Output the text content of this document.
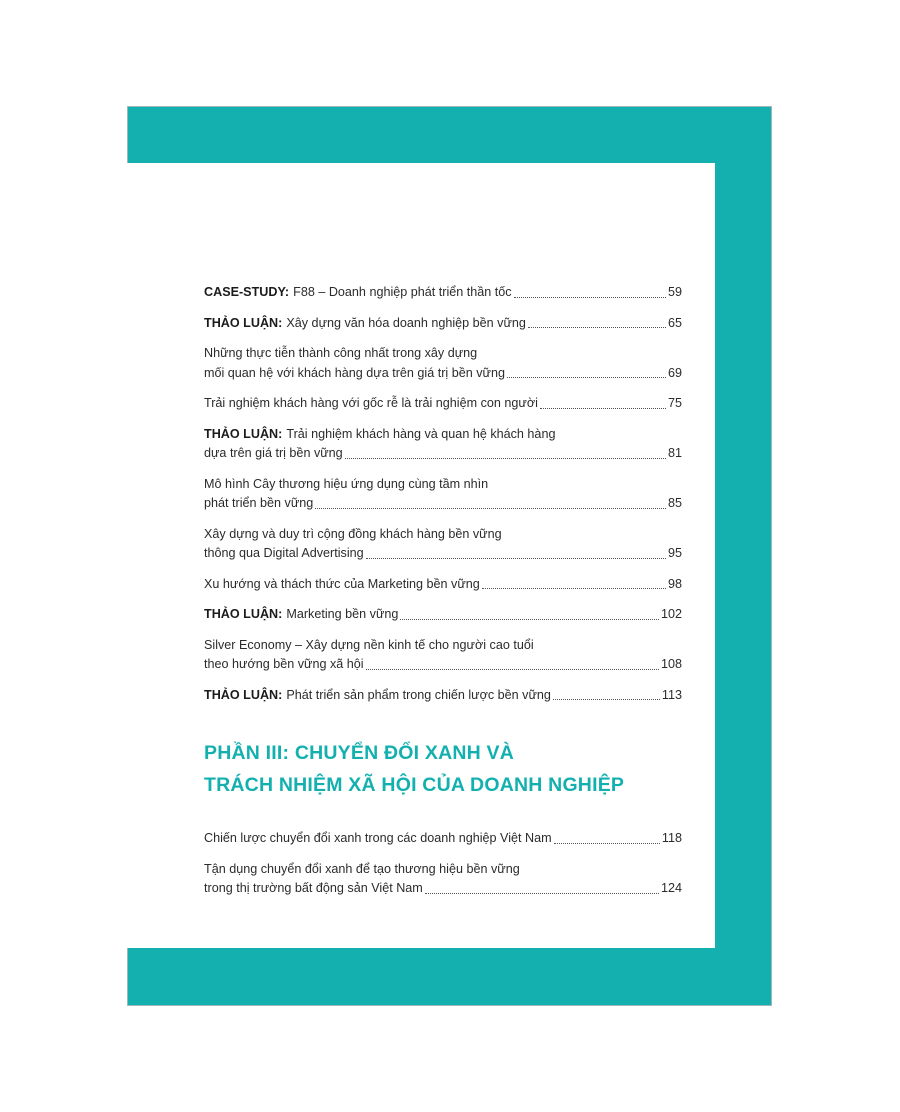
CASE-STUDY: F88 – Doanh nghiệp phát triển thần tốc	59
THẢO LUẬN: Xây dựng văn hóa doanh nghiệp bền vững	65
Những thực tiễn thành công nhất trong xây dựng
mối quan hệ với khách hàng dựa trên giá trị bền vững	69
Trải nghiệm khách hàng với gốc rễ là trải nghiệm con người	75
THẢO LUẬN: Trải nghiệm khách hàng và quan hệ khách hàng
dựa trên giá trị bền vững	81
Mô hình Cây thương hiệu ứng dụng cùng tầm nhìn
phát triển bền vững	85
Xây dựng và duy trì cộng đồng khách hàng bền vững
thông qua Digital Advertising	95
Xu hướng và thách thức của Marketing bền vững	98
THẢO LUẬN: Marketing bền vững	102
Silver Economy – Xây dựng nền kinh tế cho người cao tuổi
theo hướng bền vững xã hội	108
THẢO LUẬN: Phát triển sản phẩm trong chiến lược bền vững	113
PHẦN III: CHUYỂN ĐỔI XANH VÀ
TRÁCH NHIỆM XÃ HỘI CỦA DOANH NGHIỆP
Chiến lược chuyển đổi xanh trong các doanh nghiệp Việt Nam	118
Tận dụng chuyển đổi xanh để tạo thương hiệu bền vững
trong thị trường bất động sản Việt Nam	124
